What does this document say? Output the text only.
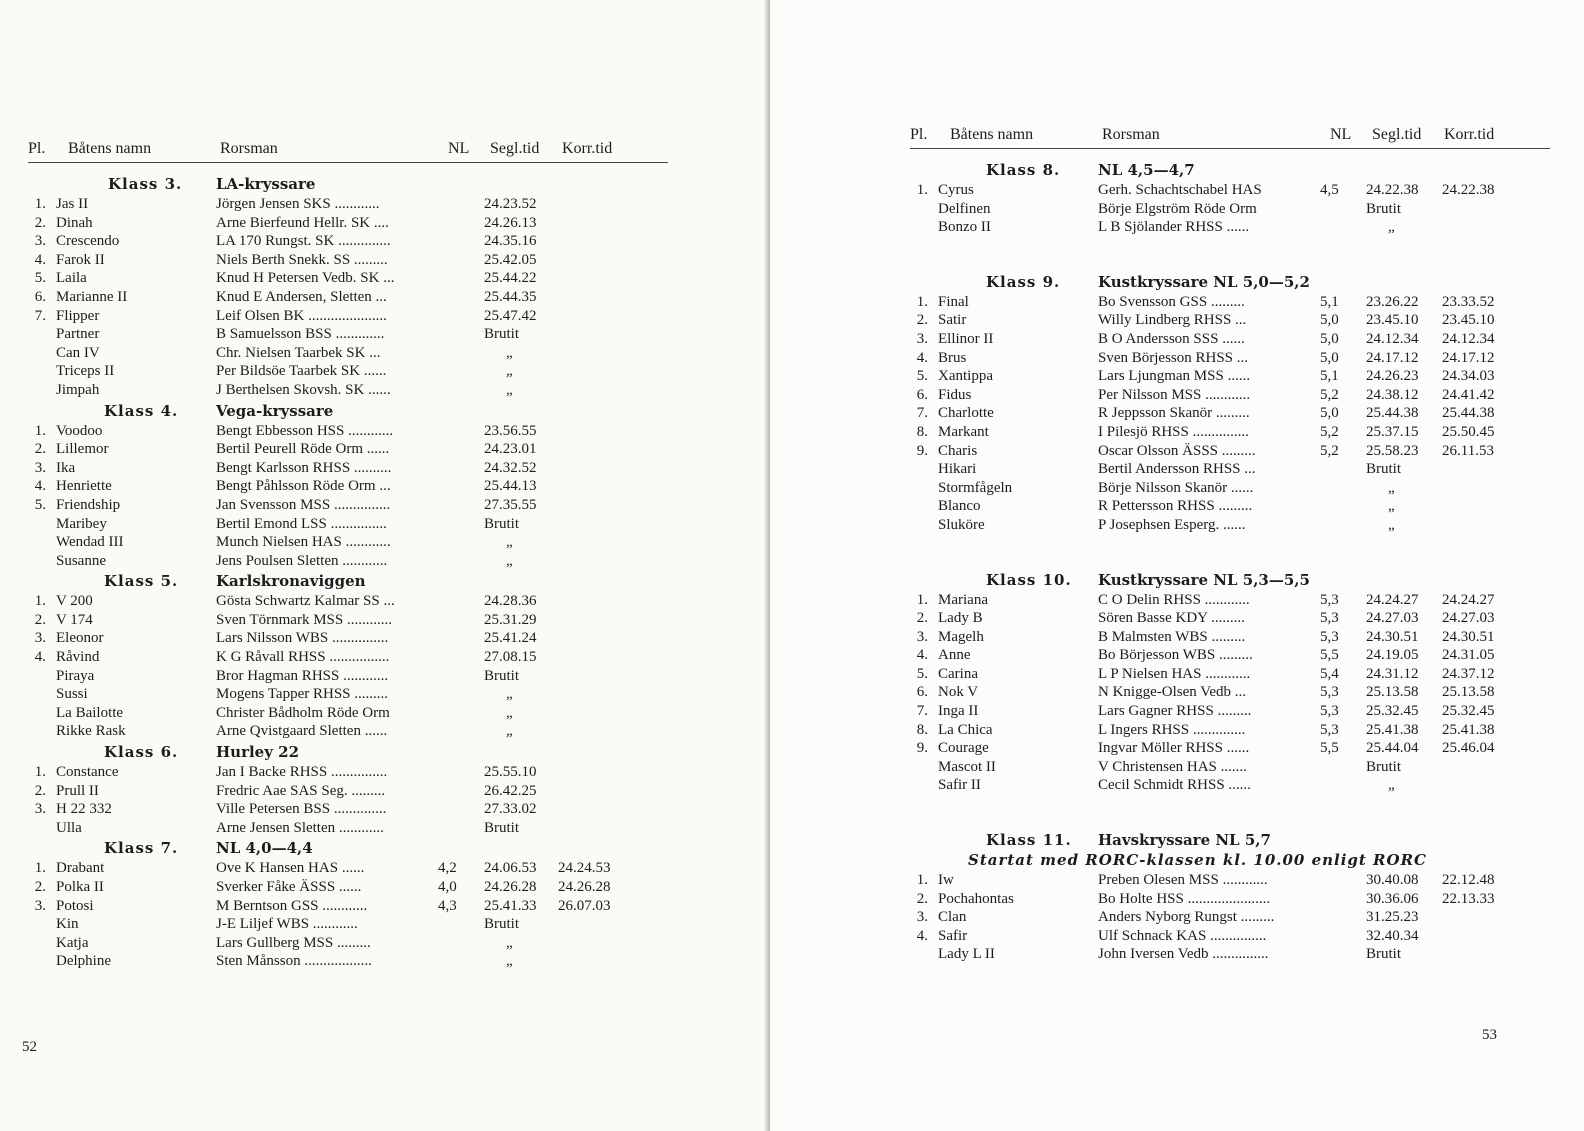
Pl. Båtens namn	Rorsman	NL Segl.tid Korr.tid
Klass 3. LA-kryssare
1. Jas II	Jörgen Jensen SKS ............	24.23.52
2. Dinah	Arne Bierfeund Hellr. SK ....	24.26.13
3. Crescendo	LA 170 Rungst. SK ..............	24.35.16
4. Farok II	Niels Berth Snekk. SS .........	25.42.05
5. Laila	Knud H Petersen Vedb. SK ...	25.44.22
6. Marianne II	Knud E Andersen, Sletten ...	25.44.35
7. Flipper	Leif Olsen BK .....................	25.47.42
Partner	B Samuelsson BSS .............	Brutit
Can IV	Chr. Nielsen Taarbek SK ...	„
Triceps II	Per Bildsöe Taarbek SK ......	„
Jimpah	J Berthelsen Skovsh. SK ......	„
Klass 4.	Vega-kryssare
1. Voodoo	Bengt Ebbesson HSS ............	23.56.55
2. Lillemor	Bertil Peurell Röde Orm ......	24.23.01
3. Ika	Bengt Karlsson RHSS ..........	24.32.52
4. Henriette	Bengt Påhlsson Röde Orm ...	25.44.13
5. Friendship	Jan Svensson MSS ...............	27.35.55
Maribey	Bertil Emond LSS ...............	Brutit
Wendad III	Munch Nielsen HAS ............	„
Susanne	Jens Poulsen Sletten ............	„
Klass 5.	Karlskronaviggen
1. V 200	Gösta Schwartz Kalmar SS ...	24.28.36
2. V 174	Sven Törnmark MSS ............	25.31.29
3. Eleonor	Lars Nilsson WBS ...............	25.41.24
4. Råvind	K G Råvall RHSS ................	27.08.15
Piraya	Bror Hagman RHSS ............	Brutit
Sussi	Mogens Tapper RHSS .........	„
La Bailotte	Christer Bådholm Röde Orm	„
Rikke Rask	Arne Qvistgaard Sletten ......	„
Klass 6.	Hurley 22
1. Constance	Jan I Backe RHSS ...............	25.55.10
2. Prull II	Fredric Aae SAS Seg. .........	26.42.25
3. H 22 332	Ville Petersen BSS ..............	27.33.02
Ulla	Arne Jensen Sletten ............	Brutit
Klass 7.	NL 4,0—4,4
1. Drabant	Ove K Hansen HAS ......	4,2 24.06.53 24.24.53
2. Polka II	Sverker Fåke ÄSSS ......	4,0 24.26.28 24.26.28
3. Potosi	M Berntson GSS ............	4,3 25.41.33 26.07.03
Kin	J-E Liljef WBS ............	Brutit
Katja	Lars Gullberg MSS .........	„
Delphine	Sten Månsson ..................	„
52
Pl. Båtens namn	Rorsman	NL Segl.tid Korr.tid
Klass 8.	NL 4,5—4,7
1. Cyrus	Gerh. Schachtschabel HAS	4,5 24.22.38 24.22.38
Delfinen	Börje Elgström Röde Orm	Brutit
Bonzo II	L B Sjölander RHSS ......	„
Klass 9.	Kustkryssare NL 5,0—5,2
1. Final	Bo Svensson GSS .........	5,1 23.26.22 23.33.52
2. Satir	Willy Lindberg RHSS ...	5,0 23.45.10 23.45.10
3. Ellinor II	B O Andersson SSS ......	5,0 24.12.34 24.12.34
4. Brus	Sven Börjesson RHSS ...	5,0 24.17.12 24.17.12
5. Xantippa	Lars Ljungman MSS ......	5,1 24.26.23 24.34.03
6. Fidus	Per Nilsson MSS ............	5,2 24.38.12 24.41.42
7. Charlotte	R Jeppsson Skanör .........	5,0 25.44.38 25.44.38
8. Markant	I Pilesjö RHSS ...............	5,2 25.37.15 25.50.45
9. Charis	Oscar Olsson ÄSSS .........	5,2 25.58.23 26.11.53
Hikari	Bertil Andersson RHSS ...	Brutit
Stormfågeln	Börje Nilsson Skanör ......	„
Blanco	R Pettersson RHSS .........	„
Sluköre	P Josephsen Esperg. ......	„
Klass 10. Kustkryssare NL 5,3—5,5
1. Mariana	C O Delin RHSS ............	5,3 24.24.27 24.24.27
2. Lady B	Sören Basse KDY .........	5,3 24.27.03 24.27.03
3. Magelh	B Malmsten WBS .........	5,3 24.30.51 24.30.51
4. Anne	Bo Börjesson WBS .........	5,5 24.19.05 24.31.05
5. Carina	L P Nielsen HAS ............	5,4 24.31.12 24.37.12
6. Nok V	N Knigge-Olsen Vedb ...	5,3 25.13.58 25.13.58
7. Inga II	Lars Gagner RHSS .........	5,3 25.32.45 25.32.45
8. La Chica	L Ingers RHSS ..............	5,3 25.41.38 25.41.38
9. Courage	Ingvar Möller RHSS ......	5,5 25.44.04 25.46.04
Mascot II	V Christensen HAS .......	Brutit
Safir II	Cecil Schmidt RHSS ......	„
Klass 11. Havskryssare NL 5,7
Startat med RORC-klassen kl. 10.00 enligt RORC
1. Iw	Preben Olesen MSS ............	30.40.08 22.12.48
2. Pochahontas	Bo Holte HSS ......................	30.36.06 22.13.33
3. Clan	Anders Nyborg Rungst .........	31.25.23
4. Safir	Ulf Schnack KAS ...............	32.40.34
Lady L II	John Iversen Vedb ...............	Brutit
53
